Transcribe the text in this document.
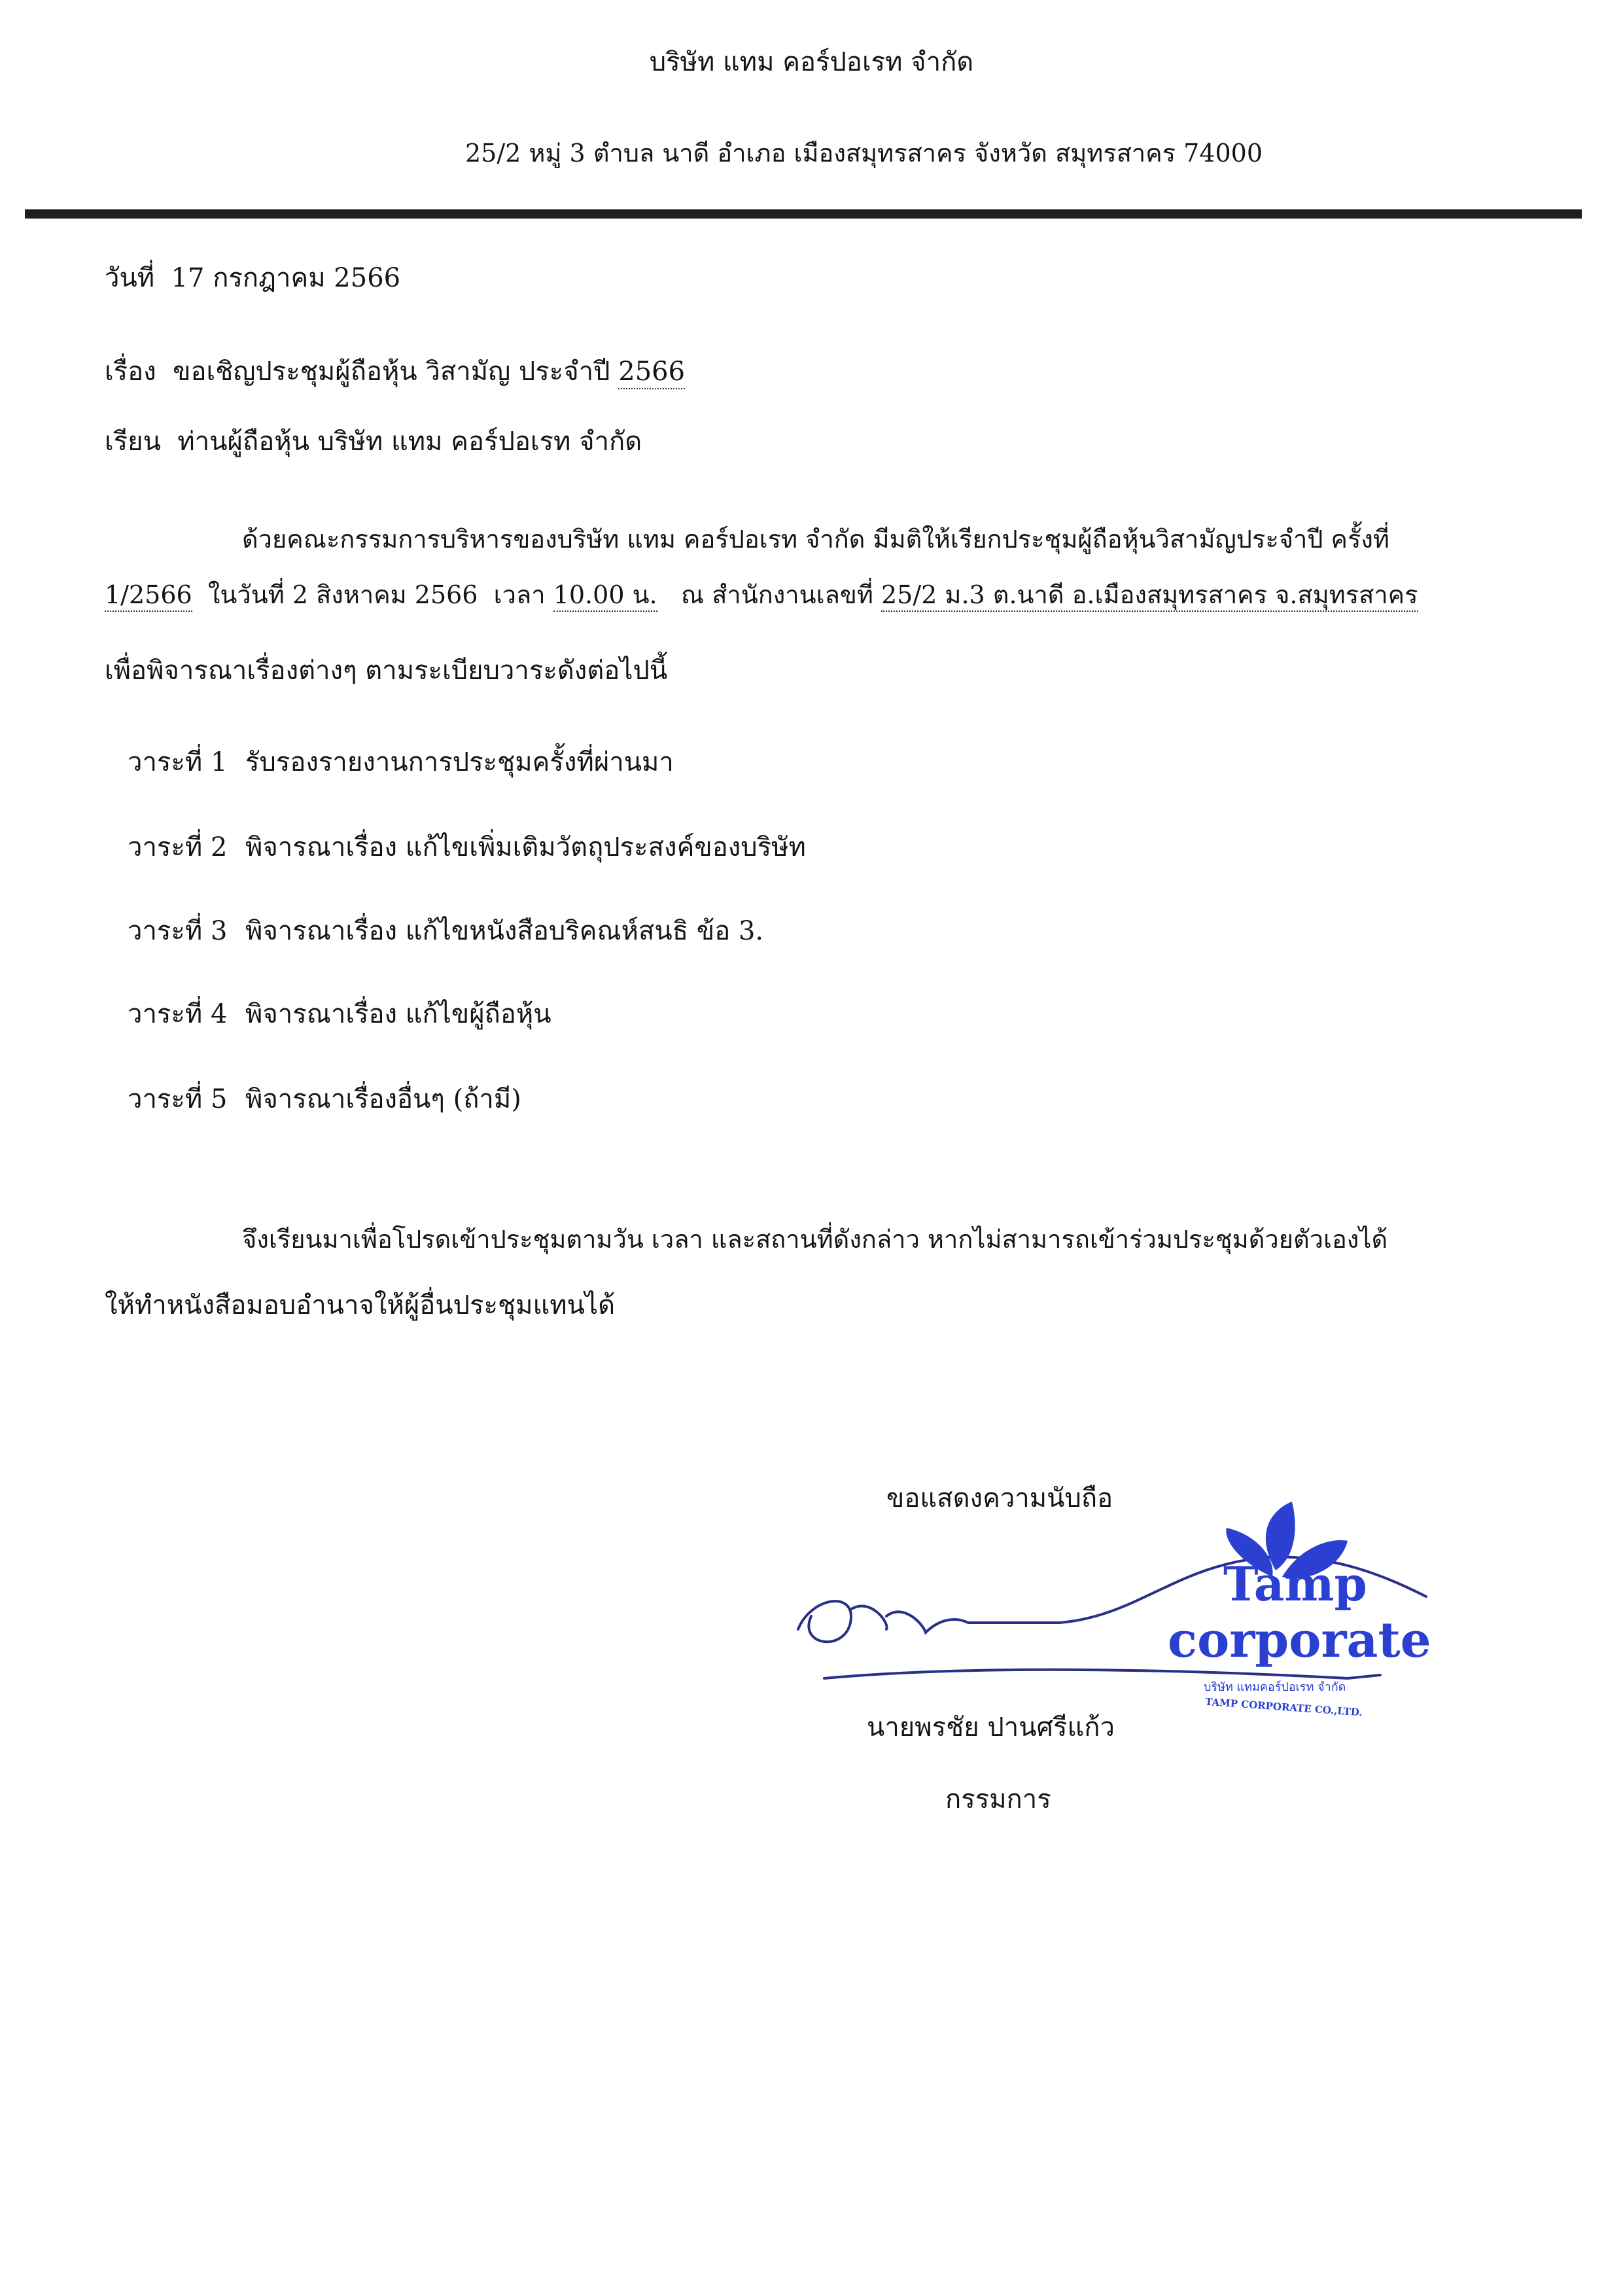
บริษัท แทม คอร์ปอเรท จำกัด
25/2 หมู่ 3 ตำบล นาดี อำเภอ เมืองสมุทรสาคร จังหวัด สมุทรสาคร 74000
วันที่ 17 กรกฎาคม 2566
เรื่อง ขอเชิญประชุมผู้ถือหุ้น วิสามัญ ประจำปี 2566
เรียน ท่านผู้ถือหุ้น บริษัท แทม คอร์ปอเรท จำกัด
ด้วยคณะกรรมการบริหารของบริษัท แทม คอร์ปอเรท จำกัด มีมติให้เรียกประชุมผู้ถือหุ้นวิสามัญประจำปี ครั้งที่
1/2566 ในวันที่ 2 สิงหาคม 2566 เวลา 10.00 น. ณ สำนักงานเลขที่ 25/2 ม.3 ต.นาดี อ.เมืองสมุทรสาคร จ.สมุทรสาคร
เพื่อพิจารณาเรื่องต่างๆ ตามระเบียบวาระดังต่อไปนี้
วาระที่ 1 รับรองรายงานการประชุมครั้งที่ผ่านมา
วาระที่ 2 พิจารณาเรื่อง แก้ไขเพิ่มเติมวัตถุประสงค์ของบริษัท
วาระที่ 3 พิจารณาเรื่อง แก้ไขหนังสือบริคณห์สนธิ ข้อ 3.
วาระที่ 4 พิจารณาเรื่อง แก้ไขผู้ถือหุ้น
วาระที่ 5 พิจารณาเรื่องอื่นๆ (ถ้ามี)
จึงเรียนมาเพื่อโปรดเข้าประชุมตามวัน เวลา และสถานที่ดังกล่าว หากไม่สามารถเข้าร่วมประชุมด้วยตัวเองได้
ให้ทำหนังสือมอบอำนาจให้ผู้อื่นประชุมแทนได้
ขอแสดงความนับถือ
Tamp
corporate
บริษัท แทมคอร์ปอเรท จำกัด
TAMP CORPORATE CO.,LTD.
นายพรชัย ปานศรีแก้ว
กรรมการ
